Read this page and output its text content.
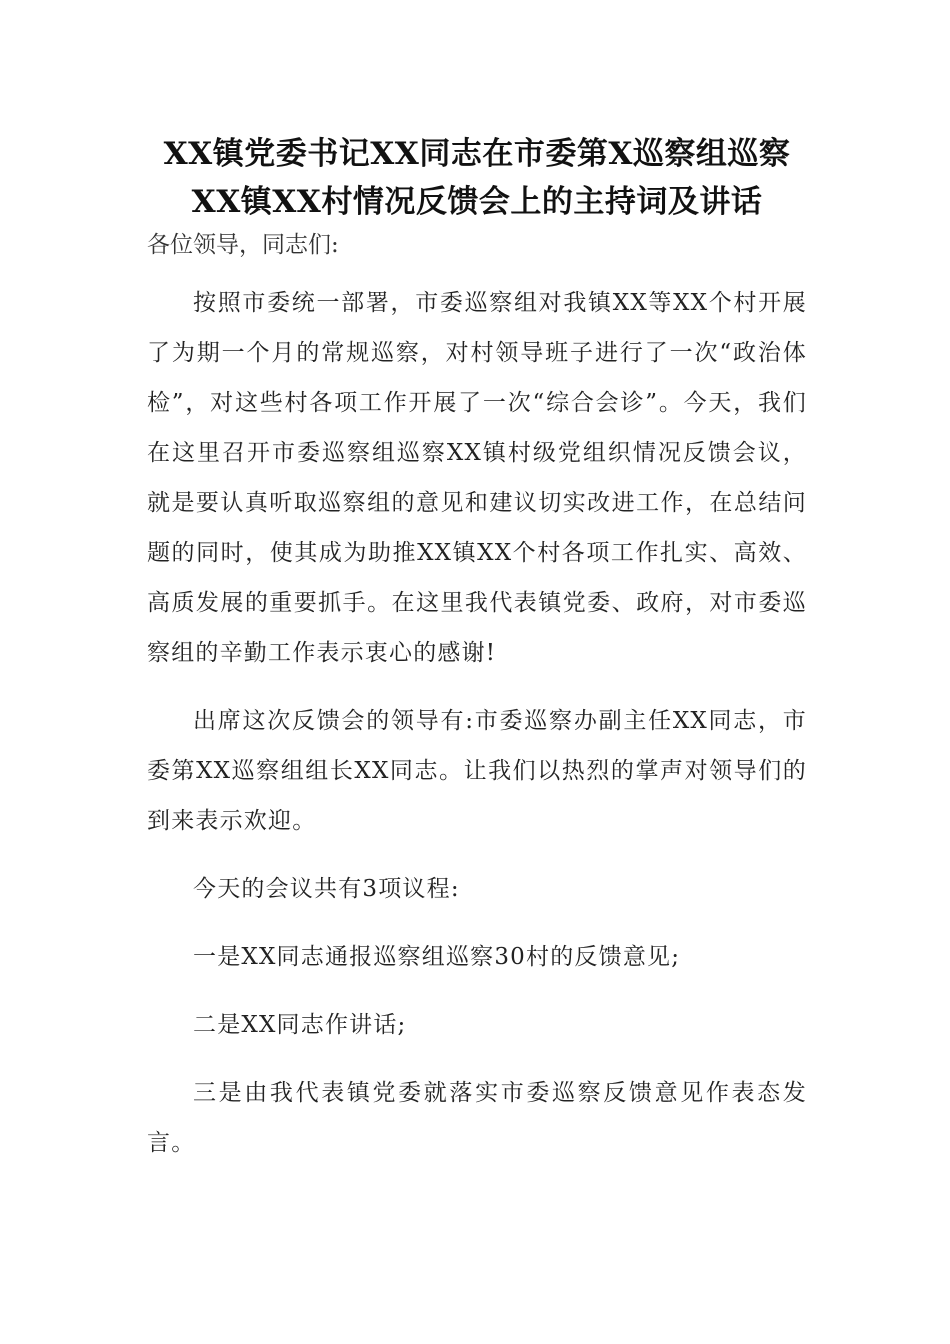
XX镇党委书记XX同志在市委第X巡察组巡察XX镇XX村情况反馈会上的主持词及讲话

各位领导，同志们:

按照市委统一部署，市委巡察组对我镇XX等XX个村开展了为期一个月的常规巡察，对村领导班子进行了一次“政治体检”，对这些村各项工作开展了一次“综合会诊”。今天，我们在这里召开市委巡察组巡察XX镇村级党组织情况反馈会议，就是要认真听取巡察组的意见和建议切实改进工作，在总结问题的同时，使其成为助推XX镇XX个村各项工作扎实、高效、高质发展的重要抓手。在这里我代表镇党委、政府，对市委巡察组的辛勤工作表示衷心的感谢!

出席这次反馈会的领导有:市委巡察办副主任XX同志，市委第XX巡察组组长XX同志。让我们以热烈的掌声对领导们的到来表示欢迎。

今天的会议共有3项议程:

一是XX同志通报巡察组巡察30村的反馈意见;

二是XX同志作讲话;

三是由我代表镇党委就落实市委巡察反馈意见作表态发言。
